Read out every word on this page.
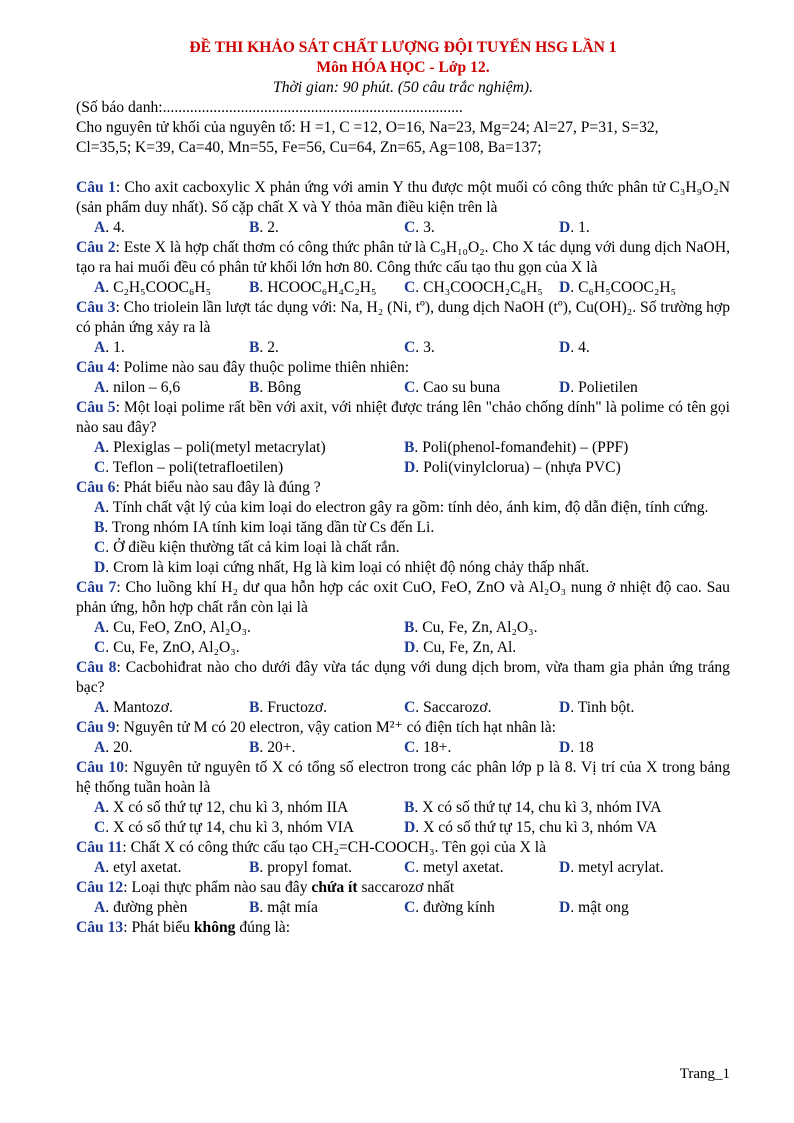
ĐỀ THI KHẢO SÁT CHẤT LƯỢNG ĐỘI TUYỂN HSG LẦN 1
Môn HÓA HỌC - Lớp 12.
Thời gian: 90 phút. (50 câu trắc nghiệm).
(Số báo danh:.............................................................................
Cho nguyên tử khối của nguyên tố: H =1, C =12, O=16, Na=23, Mg=24; Al=27, P=31, S=32,
Cl=35,5; K=39, Ca=40, Mn=55, Fe=56, Cu=64, Zn=65, Ag=108, Ba=137;
Câu 1: Cho axit cacboxylic X phản ứng với amin Y thu được một muối có công thức phân tử C₃H₉O₂N (sản phẩm duy nhất). Số cặp chất X và Y thỏa mãn điều kiện trên là
A. 4.	B. 2.	C. 3.	D. 1.
Câu 2: Este X là hợp chất thơm có công thức phân tử là C₉H₁₀O₂. Cho X tác dụng với dung dịch NaOH, tạo ra hai muối đều có phân tử khối lớn hơn 80. Công thức cấu tạo thu gọn của X là
A. C₂H₅COOC₆H₅	B. HCOOC₆H₄C₂H₅	C. CH₃COOCH₂C₆H₅	D. C₆H₅COOC₂H₅
Câu 3: Cho triolein lần lượt tác dụng với: Na, H₂ (Ni, tº), dung dịch NaOH (tº), Cu(OH)₂. Số trường hợp có phản ứng xảy ra là
A. 1.	B. 2.	C. 3.	D. 4.
Câu 4: Polime nào sau đây thuộc polime thiên nhiên:
A. nilon – 6,6	B. Bông	C. Cao su buna	D. Polietilen
Câu 5: Một loại polime rất bền với axit, với nhiệt được tráng lên "chảo chống dính" là polime có tên gọi nào sau đây?
A. Plexiglas – poli(metyl metacrylat)	B. Poli(phenol-fomanđehit) – (PPF)
C. Teflon – poli(tetrafloetilen)	D. Poli(vinylclorua) – (nhựa PVC)
Câu 6: Phát biểu nào sau đây là đúng ?
A. Tính chất vật lý của kim loại do electron gây ra gồm: tính dẻo, ánh kim, độ dẫn điện, tính cứng.
B. Trong nhóm IA tính kim loại tăng dần từ Cs đến Li.
C. Ở điều kiện thường tất cả kim loại là chất rắn.
D. Crom là kim loại cứng nhất, Hg là kim loại có nhiệt độ nóng chảy thấp nhất.
Câu 7: Cho luồng khí H₂ dư qua hỗn hợp các oxit CuO, FeO, ZnO và Al₂O₃ nung ở nhiệt độ cao. Sau phản ứng, hỗn hợp chất rắn còn lại là
A. Cu, FeO, ZnO, Al₂O₃.	B. Cu, Fe, Zn, Al₂O₃.
C. Cu, Fe, ZnO, Al₂O₃.	D. Cu, Fe, Zn, Al.
Câu 8: Cacbohiđrat nào cho dưới đây vừa tác dụng với dung dịch brom, vừa tham gia phản ứng tráng bạc?
A. Mantozơ.	B. Fructozơ.	C. Saccarozơ.	D. Tinh bột.
Câu 9: Nguyên tử M có 20 electron, vậy cation M²⁺ có điện tích hạt nhân là:
A. 20.	B. 20+.	C. 18+.	D. 18
Câu 10: Nguyên tử nguyên tố X có tổng số electron trong các phân lớp p là 8. Vị trí của X trong bảng hệ thống tuần hoàn là
A. X có số thứ tự 12, chu kì 3, nhóm IIA	B. X có số thứ tự 14, chu kì 3, nhóm IVA
C. X có số thứ tự 14, chu kì 3, nhóm VIA	D. X có số thứ tự 15, chu kì 3, nhóm VA
Câu 11: Chất X có công thức cấu tạo CH₂=CH-COOCH₃. Tên gọi của X là
A. etyl axetat.	B. propyl fomat.	C. metyl axetat.	D. metyl acrylat.
Câu 12: Loại thực phẩm nào sau đây chứa ít saccarozơ nhất
A. đường phèn	B. mật mía	C. đường kính	D. mật ong
Câu 13: Phát biểu không đúng là:
Trang_1
